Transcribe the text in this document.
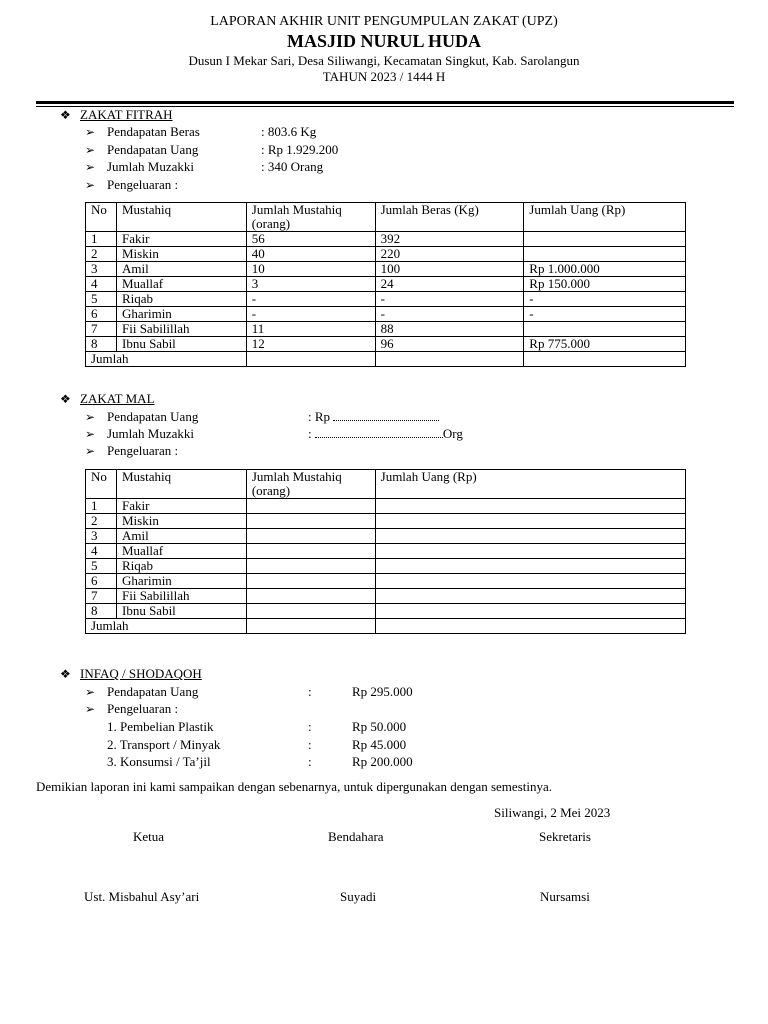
LAPORAN AKHIR UNIT PENGUMPULAN ZAKAT (UPZ)
MASJID NURUL HUDA
Dusun I Mekar Sari, Desa Siliwangi, Kecamatan Singkut, Kab. Sarolangun
TAHUN 2023 / 1444 H
❖ ZAKAT FITRAH
➢ Pendapatan Beras	: 803.6 Kg
➢ Pendapatan Uang	: Rp 1.929.200
➢ Jumlah Muzakki	: 340 Orang
➢ Pengeluaran :
No	Mustahiq	Jumlah Mustahiq (orang)	Jumlah Beras (Kg)	Jumlah Uang (Rp)
1	Fakir	56	392	
2	Miskin	40	220	
3	Amil	10	100	Rp 1.000.000
4	Muallaf	3	24	Rp 150.000
5	Riqab	-	-	-
6	Gharimin	-	-	-
7	Fii Sabilillah	11	88	
8	Ibnu Sabil	12	96	Rp 775.000
Jumlah				
❖ ZAKAT MAL
➢ Pendapatan Uang	: Rp
➢ Jumlah Muzakki	:	Org
➢ Pengeluaran :
No	Mustahiq	Jumlah Mustahiq (orang)	Jumlah Uang (Rp)
1	Fakir		
2	Miskin		
3	Amil		
4	Muallaf		
5	Riqab		
6	Gharimin		
7	Fii Sabilillah		
8	Ibnu Sabil		
Jumlah			
❖ INFAQ / SHODAQOH
➢ Pendapatan Uang	:	Rp 295.000
➢ Pengeluaran :
1. Pembelian Plastik	:	Rp 50.000
2. Transport / Minyak	:	Rp 45.000
3. Konsumsi / Ta’jil	:	Rp 200.000
Demikian laporan ini kami sampaikan dengan sebenarnya, untuk dipergunakan dengan semestinya.
Siliwangi, 2 Mei 2023
Ketua	Bendahara	Sekretaris
Ust. Misbahul Asy’ari	Suyadi	Nursamsi
